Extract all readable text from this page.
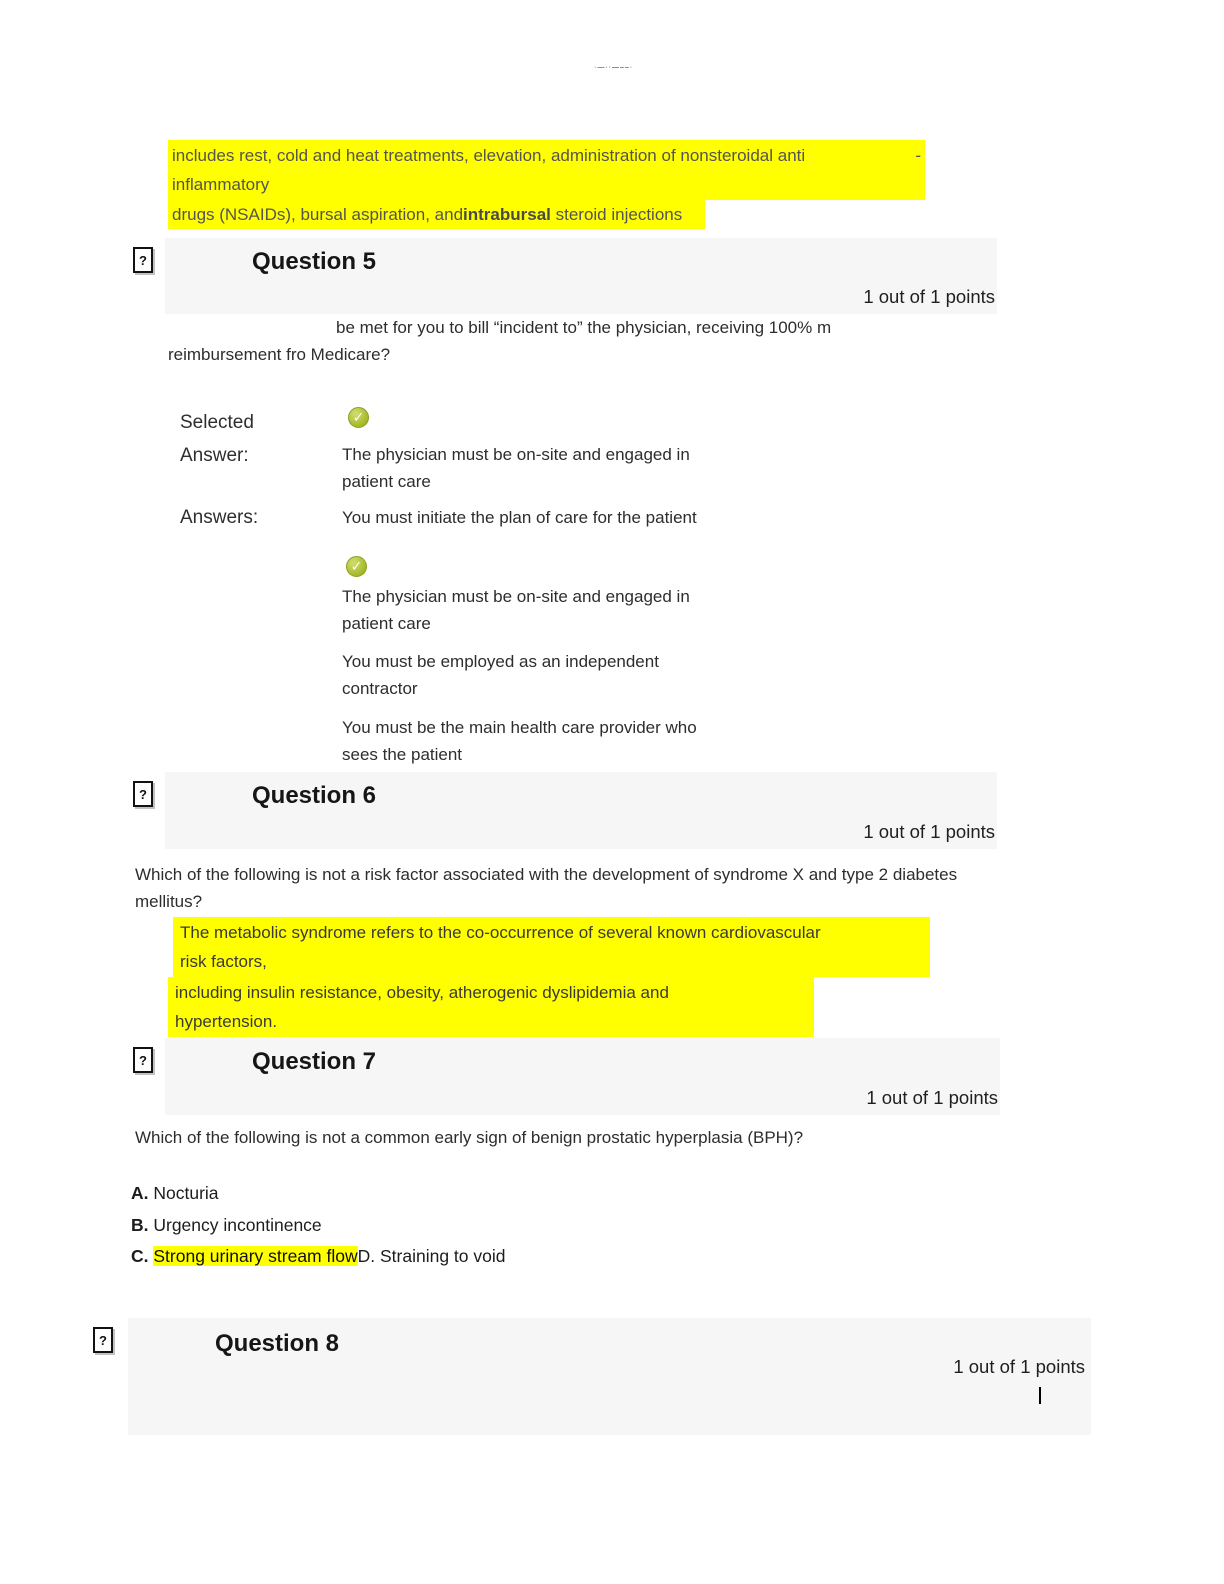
·—··—––·
includes rest, cold and heat treatments, elevation, administration of nonsteroidal anti	-
inflammatory
drugs (NSAIDs), bursal aspiration, andintrabursal steroid injections
?	Question 5
1 out of 1 points
be met for you to bill “incident to” the physician, receiving 100% m
reimbursement fro Medicare?
Selected	✓
Answer:	The physician must be on-site and engaged in
patient care
Answers:	You must initiate the plan of care for the patient
✓
The physician must be on-site and engaged in
patient care
You must be employed as an independent
contractor
You must be the main health care provider who
sees the patient
?	Question 6
1 out of 1 points
Which of the following is not a risk factor associated with the development of syndrome X and type 2 diabetes
mellitus?
The metabolic syndrome refers to the co-occurrence of several known cardiovascular
risk factors,
including insulin resistance, obesity, atherogenic dyslipidemia and
hypertension.
?	Question 7
1 out of 1 points
Which of the following is not a common early sign of benign prostatic hyperplasia (BPH)?
A. Nocturia
B. Urgency incontinence
C. Strong urinary stream flowD. Straining to void
?	Question 8
1 out of 1 points
